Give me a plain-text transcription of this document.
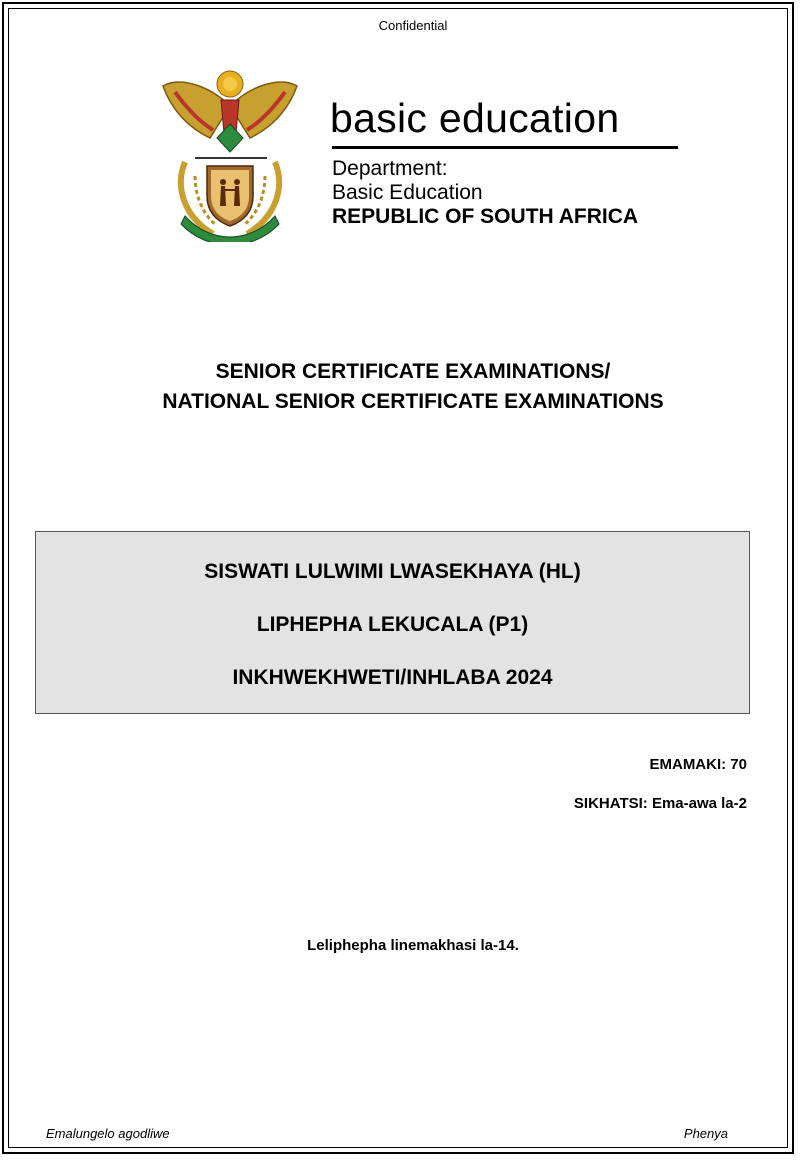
Confidential
basic education
Department:
Basic Education
REPUBLIC OF SOUTH AFRICA
SENIOR CERTIFICATE EXAMINATIONS/
NATIONAL SENIOR CERTIFICATE EXAMINATIONS
SISWATI LULWIMI LWASEKHAYA (HL)
LIPHEPHA LEKUCALA (P1)
INKHWEKHWETI/INHLABA 2024
EMAMAKI: 70
SIKHATSI: Ema-awa la-2
Leliphepha linemakhasi la-14.
Emalungelo agodliwe	Phenya
